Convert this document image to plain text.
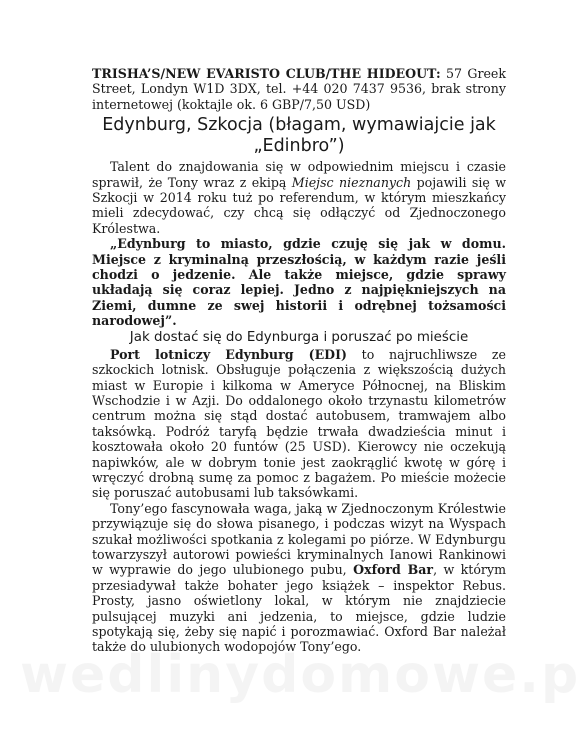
TRISHA’S/NEW EVARISTO CLUB/THE HIDEOUT: 57 Greek Street, Londyn W1D 3DX, tel. +44 020 7437 9536, brak strony internetowej (koktajle ok. 6 GBP/7,50 USD)
Edynburg, Szkocja (błagam, wymawiajcie jak „Edinbro”)

Talent do znajdowania się w odpowiednim miejscu i czasie sprawił, że Tony wraz z ekipą Miejsc nieznanych pojawili się w Szkocji w 2014 roku tuż po referendum, w którym mieszkańcy mieli zdecydować, czy chcą się odłączyć od Zjednoczonego Królestwa.

„Edynburg to miasto, gdzie czuję się jak w domu. Miejsce z kryminalną przeszłością, w każdym razie jeśli chodzi o jedzenie. Ale także miejsce, gdzie sprawy układają się coraz lepiej. Jedno z najpiękniejszych na Ziemi, dumne ze swej historii i odrębnej tożsamości narodowej”.

Jak dostać się do Edynburga i poruszać po mieście

Port lotniczy Edynburg (EDI) to najruchliwsze ze szkockich lotnisk. Obsługuje połączenia z większością dużych miast w Europie i kilkoma w Ameryce Północnej, na Bliskim Wschodzie i w Azji. Do oddalonego około trzynastu kilometrów centrum można się stąd dostać autobusem, tramwajem albo taksówką. Podróż taryfą będzie trwała dwadzieścia minut i kosztowała około 20 funtów (25 USD). Kierowcy nie oczekują napiwków, ale w dobrym tonie jest zaokrąglić kwotę w górę i wręczyć drobną sumę za pomoc z bagażem. Po mieście możecie się poruszać autobusami lub taksówkami.

Tony’ego fascynowała waga, jaką w Zjednoczonym Królestwie przywiązuje się do słowa pisanego, i podczas wizyt na Wyspach szukał możliwości spotkania z kolegami po piórze. W Edynburgu towarzyszył autorowi powieści kryminalnych Ianowi Rankinowi w wyprawie do jego ulubionego pubu, Oxford Bar, w którym przesiadywał także bohater jego książek – inspektor Rebus. Prosty, jasno oświetlony lokal, w którym nie znajdziecie pulsującej muzyki ani jedzenia, to miejsce, gdzie ludzie spotykają się, żeby się napić i porozmawiać. Oxford Bar należał także do ulubionych wodopojów Tony’ego.
